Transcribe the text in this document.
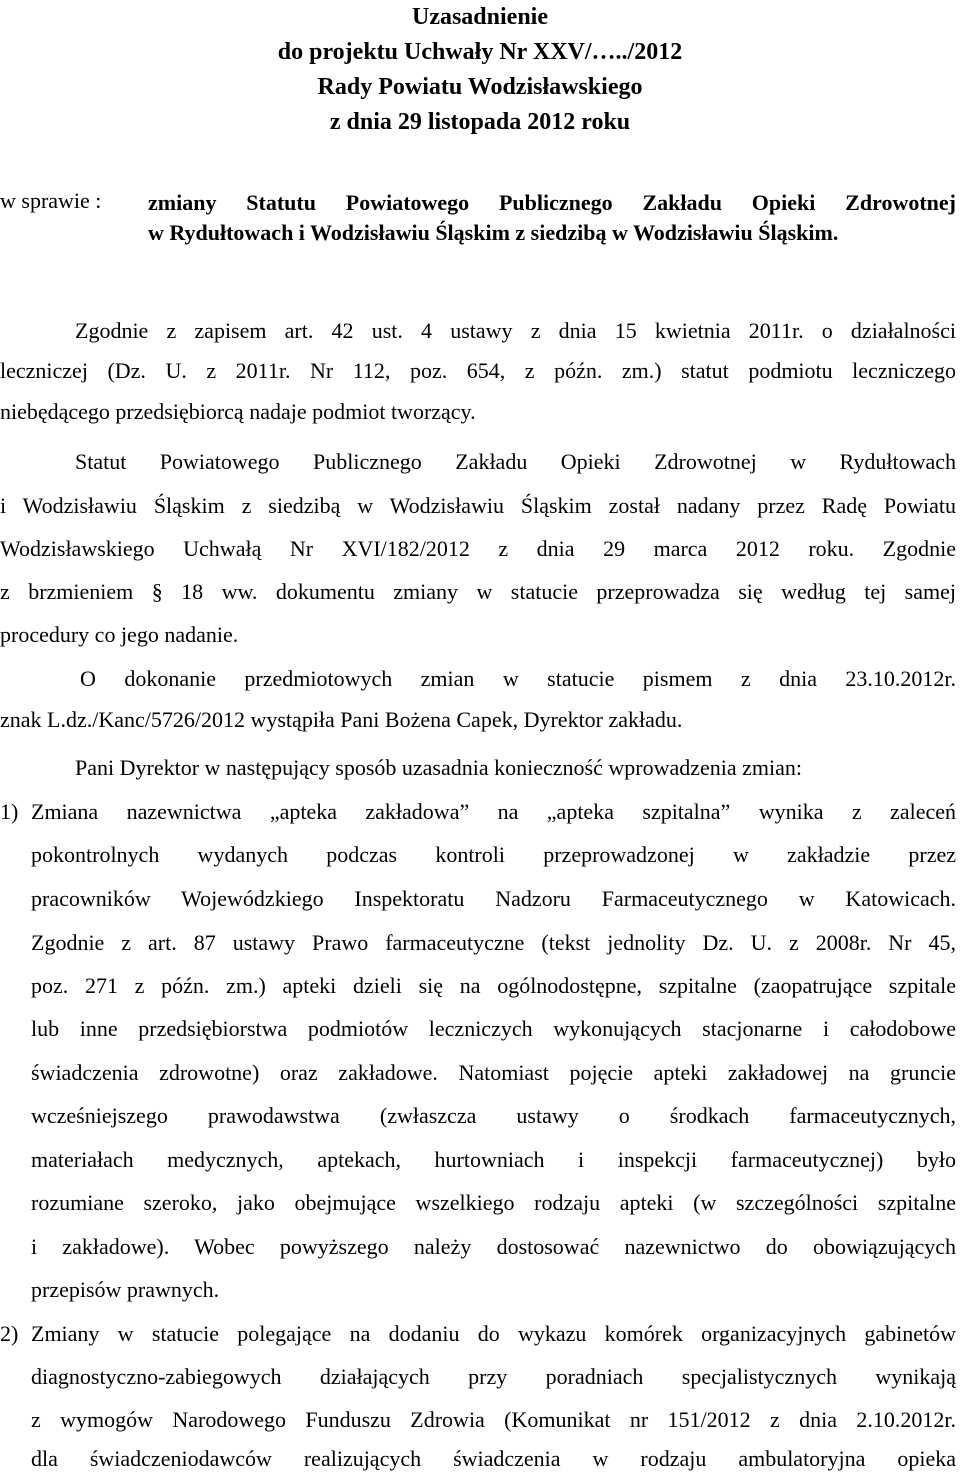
Uzasadnienie
do projektu Uchwały Nr XXV/…../2012
Rady Powiatu Wodzisławskiego
z dnia 29 listopada 2012 roku
w sprawie : zmiany Statutu Powiatowego Publicznego Zakładu Opieki Zdrowotnej
w Rydułtowach i Wodzisławiu Śląskim z siedzibą w Wodzisławiu Śląskim.
Zgodnie z zapisem art. 42 ust. 4 ustawy z dnia 15 kwietnia 2011r. o działalności
leczniczej (Dz. U. z 2011r. Nr 112, poz. 654, z późn. zm.) statut podmiotu leczniczego
niebędącego przedsiębiorcą nadaje podmiot tworzący.
Statut Powiatowego Publicznego Zakładu Opieki Zdrowotnej w Rydułtowach
i Wodzisławiu Śląskim z siedzibą w Wodzisławiu Śląskim został nadany przez Radę Powiatu
Wodzisławskiego Uchwałą Nr XVI/182/2012 z dnia 29 marca 2012 roku. Zgodnie
z brzmieniem § 18 ww. dokumentu zmiany w statucie przeprowadza się według tej samej
procedury co jego nadanie.
O dokonanie przedmiotowych zmian w statucie pismem z dnia 23.10.2012r.
znak L.dz./Kanc/5726/2012 wystąpiła Pani Bożena Capek, Dyrektor zakładu.
Pani Dyrektor w następujący sposób uzasadnia konieczność wprowadzenia zmian:
1) Zmiana nazewnictwa „apteka zakładowa” na „apteka szpitalna” wynika z zaleceń
pokontrolnych wydanych podczas kontroli przeprowadzonej w zakładzie przez
pracowników Wojewódzkiego Inspektoratu Nadzoru Farmaceutycznego w Katowicach.
Zgodnie z art. 87 ustawy Prawo farmaceutyczne (tekst jednolity Dz. U. z 2008r. Nr 45,
poz. 271 z późn. zm.) apteki dzieli się na ogólnodostępne, szpitalne (zaopatrujące szpitale
lub inne przedsiębiorstwa podmiotów leczniczych wykonujących stacjonarne i całodobowe
świadczenia zdrowotne) oraz zakładowe. Natomiast pojęcie apteki zakładowej na gruncie
wcześniejszego prawodawstwa (zwłaszcza ustawy o środkach farmaceutycznych,
materiałach medycznych, aptekach, hurtowniach i inspekcji farmaceutycznej) było
rozumiane szeroko, jako obejmujące wszelkiego rodzaju apteki (w szczególności szpitalne
i zakładowe). Wobec powyższego należy dostosować nazewnictwo do obowiązujących
przepisów prawnych.
2) Zmiany w statucie polegające na dodaniu do wykazu komórek organizacyjnych gabinetów
diagnostyczno-zabiegowych działających przy poradniach specjalistycznych wynikają
z wymogów Narodowego Funduszu Zdrowia (Komunikat nr 151/2012 z dnia 2.10.2012r.
dla świadczeniodawców realizujących świadczenia w rodzaju ambulatoryjna opieka
